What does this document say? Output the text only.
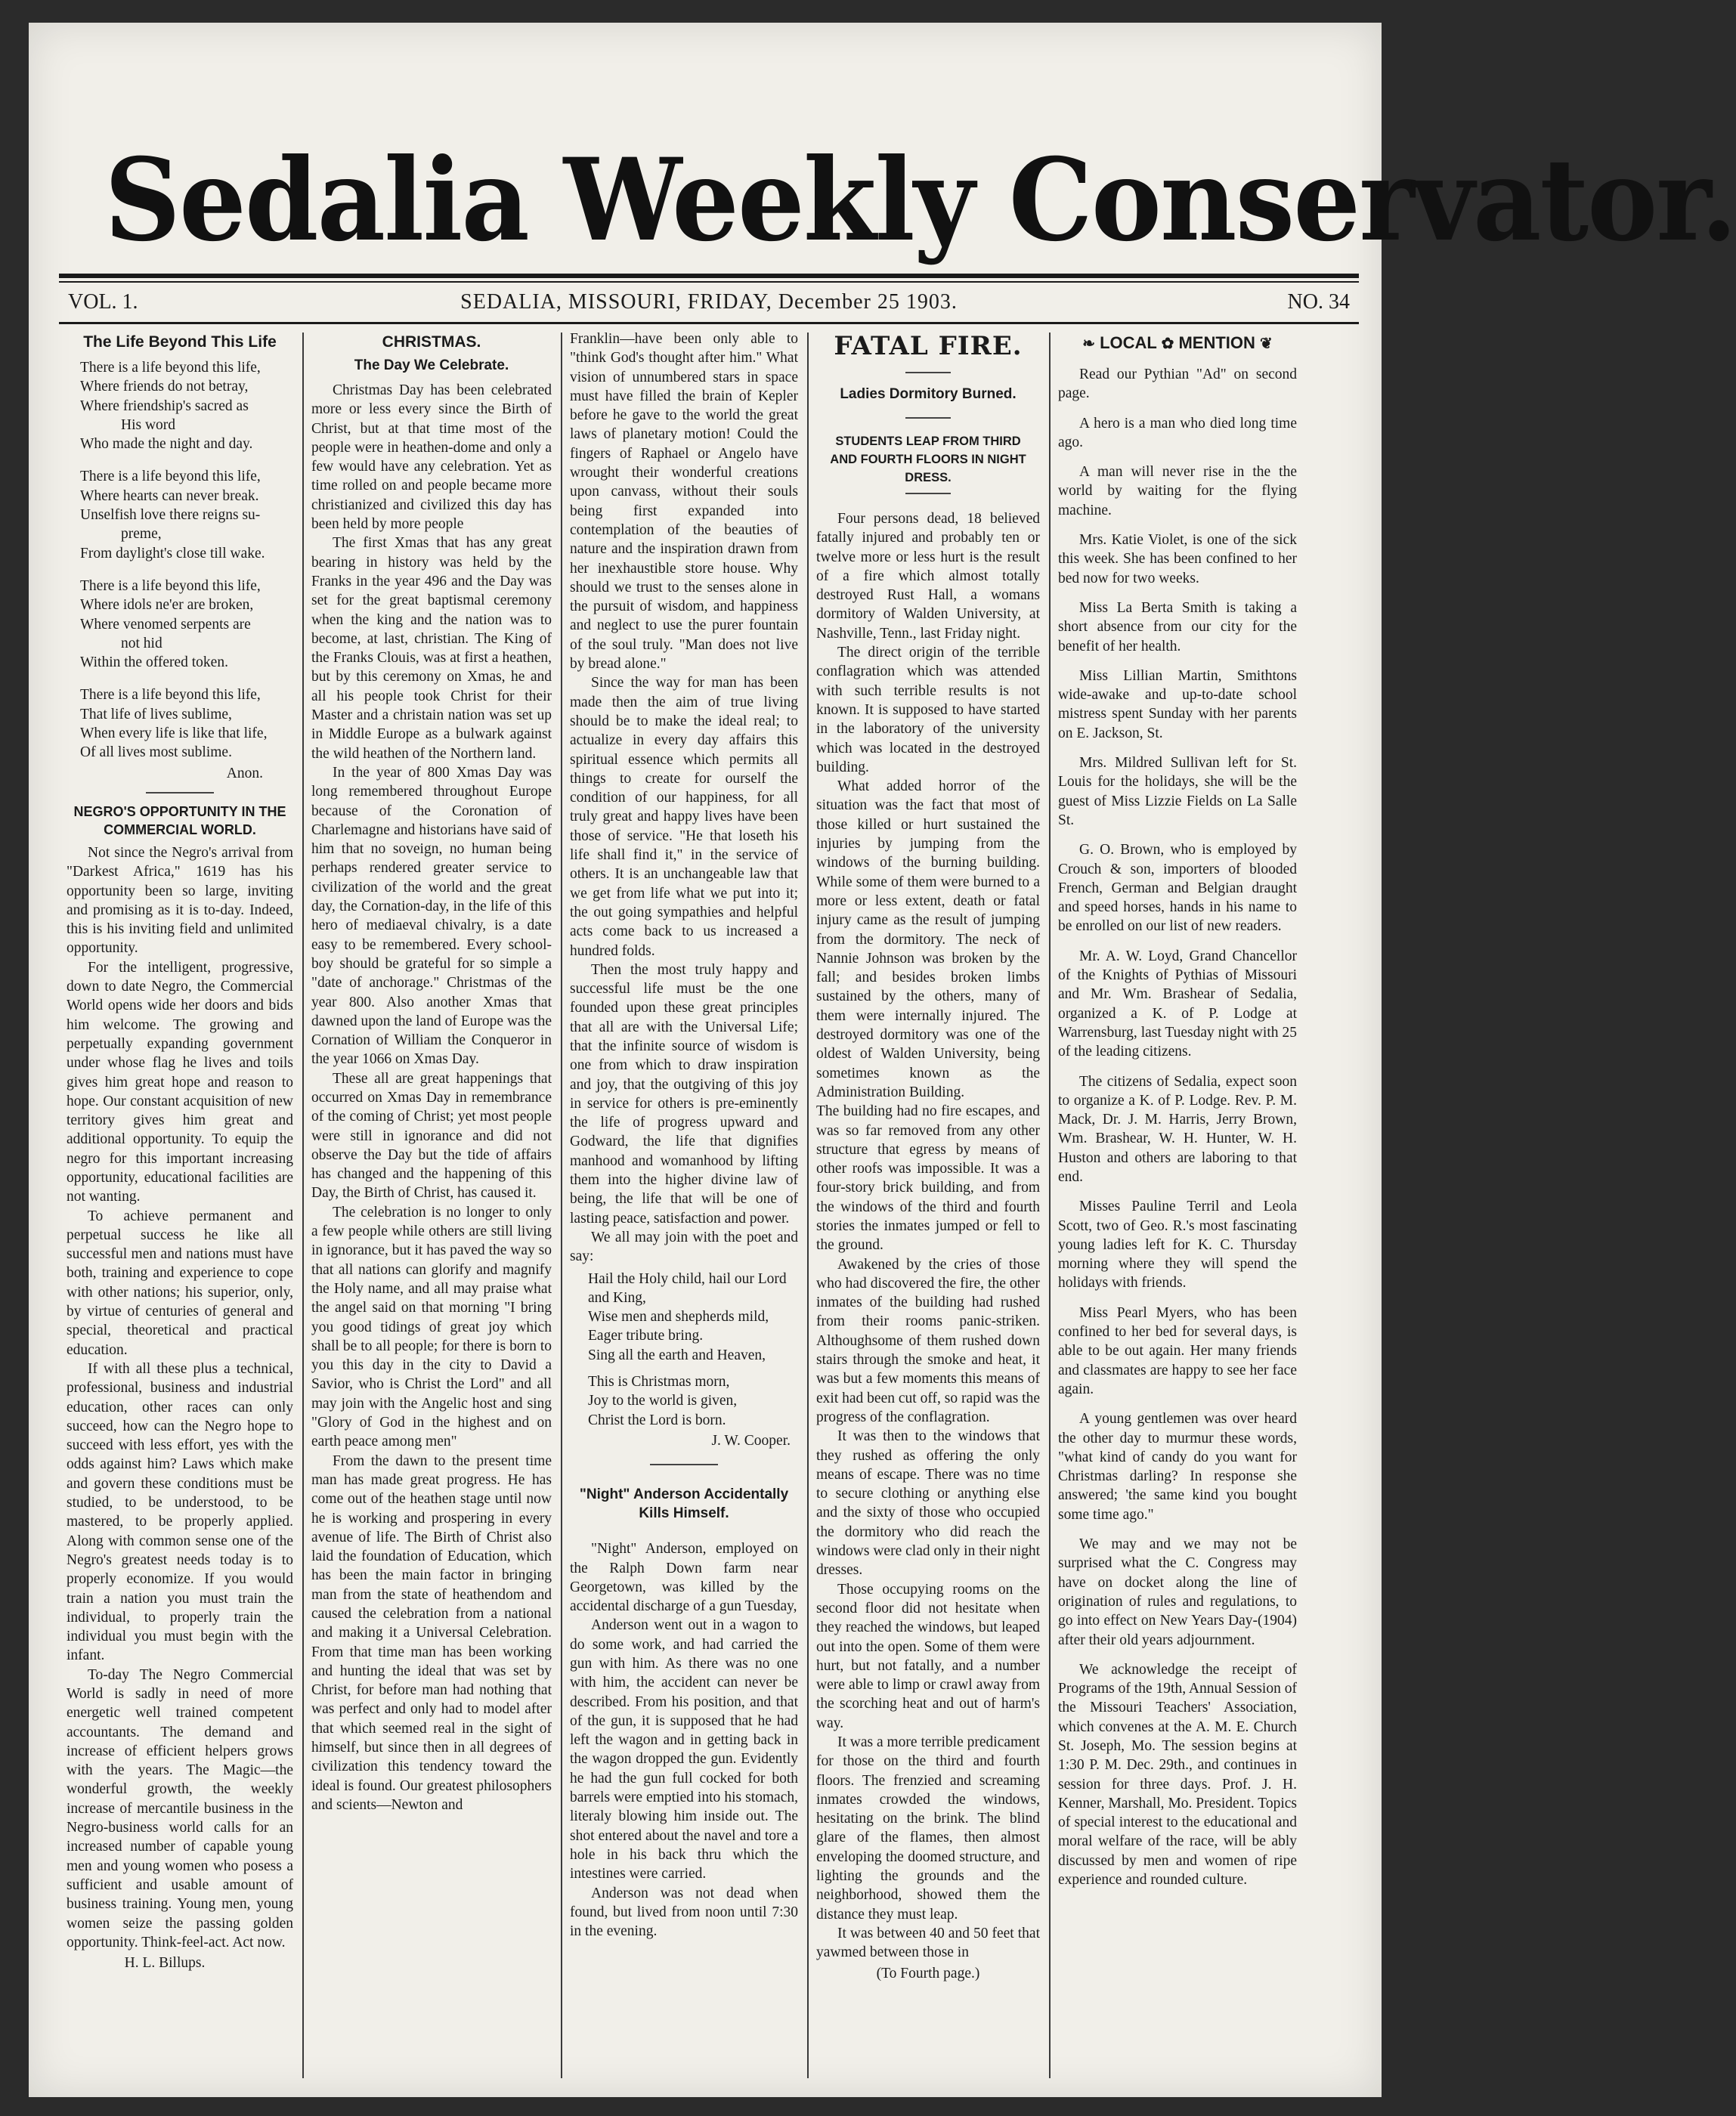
Sedalia Weekly Conservator.
VOL. 1.	SEDALIA, MISSOURI, FRIDAY, December 25 1903.	NO. 34
The Life Beyond This Life
There is a life beyond this life,
Where friends do not betray,
Where friendship's sacred as
His word
Who made the night and day.
There is a life beyond this life,
Where hearts can never break.
Unselfish love there reigns su-
preme,
From daylight's close till wake.
There is a life beyond this life,
Where idols ne'er are broken,
Where venomed serpents are
not hid
Within the offered token.
There is a life beyond this life,
That life of lives sublime,
When every life is like that life,
Of all lives most sublime.
Anon.
NEGRO'S OPPORTUNITY IN THE COMMERCIAL WORLD.

Not since the Negro's arrival from "Darkest Africa," 1619 has his opportunity been so large, inviting and promising as it is to-day. Indeed, this is his inviting field and unlimited opportunity.

For the intelligent, progressive, down to date Negro, the Commercial World opens wide her doors and bids him welcome. The growing and perpetually expanding government under whose flag he lives and toils gives him great hope and reason to hope. Our constant acquisition of new territory gives him great and additional opportunity. To equip the negro for this important increasing opportunity, educational facilities are not wanting.

To achieve permanent and perpetual success he like all successful men and nations must have both, training and experience to cope with other nations; his superior, only, by virtue of centuries of general and special, theoretical and practical education.

If with all these plus a technical, professional, business and industrial education, other races can only succeed, how can the Negro hope to succeed with less effort, yes with the odds against him? Laws which make and govern these conditions must be studied, to be understood, to be mastered, to be properly applied. Along with common sense one of the Negro's greatest needs today is to properly economize. If you would train a nation you must train the individual, to properly train the individual you must begin with the infant.

To-day The Negro Commercial World is sadly in need of more energetic well trained competent accountants. The demand and increase of efficient helpers grows with the years. The Magic—the wonderful growth, the weekly increase of mercantile business in the Negro-business world calls for an increased number of capable young men and young women who posess a sufficient and usable amount of business training. Young men, young women seize the passing golden opportunity. Think-feel-act. Act now.

H. L. Billups.
CHRISTMAS.
The Day We Celebrate.

Christmas Day has been celebrated more or less every since the Birth of Christ, but at that time most of the people were in heathen-dome and only a few would have any celebration. Yet as time rolled on and people became more christianized and civilized this day has been held by more people

The first Xmas that has any great bearing in history was held by the Franks in the year 496 and the Day was set for the great baptismal ceremony when the king and the nation was to become, at last, christian. The King of the Franks Clouis, was at first a heathen, but by this ceremony on Xmas, he and all his people took Christ for their Master and a christain nation was set up in Middle Europe as a bulwark against the wild heathen of the Northern land.

In the year of 800 Xmas Day was long remembered throughout Europe because of the Coronation of Charlemagne and historians have said of him that no soveign, no human being perhaps rendered greater service to civilization of the world and the great day, the Cornation-day, in the life of this hero of mediaeval chivalry, is a date easy to be remembered. Every school-boy should be grateful for so simple a "date of anchorage." Christmas of the year 800. Also another Xmas that dawned upon the land of Europe was the Cornation of William the Conqueror in the year 1066 on Xmas Day.

These all are great happenings that occurred on Xmas Day in remembrance of the coming of Christ; yet most people were still in ignorance and did not observe the Day but the tide of affairs has changed and the happening of this Day, the Birth of Christ, has caused it.

The celebration is no longer to only a few people while others are still living in ignorance, but it has paved the way so that all nations can glorify and magnify the Holy name, and all may praise what the angel said on that morning "I bring you good tidings of great joy which shall be to all people; for there is born to you this day in the city to David a Savior, who is Christ the Lord" and all may join with the Angelic host and sing "Glory of God in the highest and on earth peace among men"

From the dawn to the present time man has made great progress. He has come out of the heathen stage until now he is working and prospering in every avenue of life. The Birth of Christ also laid the foundation of Education, which has been the main factor in bringing man from the state of heathendom and caused the celebration from a national and making it a Universal Celebration. From that time man has been working and hunting the ideal that was set by Christ, for before man had nothing that was perfect and only had to model after that which seemed real in the sight of himself, but since then in all degrees of civilization this tendency toward the ideal is found. Our greatest philosophers and scients—Newton and

Franklin—have been only able to "think God's thought after him." What vision of unnumbered stars in space must have filled the brain of Kepler before he gave to the world the great laws of planetary motion! Could the fingers of Raphael or Angelo have wrought their wonderful creations upon canvass, without their souls being first expanded into contemplation of the beauties of nature and the inspiration drawn from her inexhaustible store house. Why should we trust to the senses alone in the pursuit of wisdom, and happiness and neglect to use the purer fountain of the soul truly. "Man does not live by bread alone."

Since the way for man has been made then the aim of true living should be to make the ideal real; to actualize in every day affairs this spiritual essence which permits all things to create for ourself the condition of our happiness, for all truly great and happy lives have been those of service. "He that loseth his life shall find it," in the service of others. It is an unchangeable law that we get from life what we put into it; the out going sympathies and helpful acts come back to us increased a hundred folds.

Then the most truly happy and successful life must be the one founded upon these great principles that all are with the Universal Life; that the infinite source of wisdom is one from which to draw inspiration and joy, that the outgiving of this joy in service for others is pre-eminently the life of progress upward and Godward, the life that dignifies manhood and womanhood by lifting them into the higher divine law of being, the life that will be one of lasting peace, satisfaction and power.

We all may join with the poet and say:

Hail the Holy child, hail our Lord and King,
Wise men and shepherds mild,
Eager tribute bring.
Sing all the earth and Heaven,
This is Christmas morn,
Joy to the world is given,
Christ the Lord is born.
J. W. Cooper.
"Night" Anderson Accidentally Kills Himself.

"Night" Anderson, employed on the Ralph Down farm near Georgetown, was killed by the accidental discharge of a gun Tuesday,

Anderson went out in a wagon to do some work, and had carried the gun with him. As there was no one with him, the accident can never be described. From his position, and that of the gun, it is supposed that he had left the wagon and in getting back in the wagon dropped the gun. Evidently he had the gun full cocked for both barrels were emptied into his stomach, literaly blowing him inside out. The shot entered about the navel and tore a hole in his back thru which the intestines were carried.

Anderson was not dead when found, but lived from noon until 7:30 in the evening.

FATAL FIRE.
Ladies Dormitory Burned.
STUDENTS LEAP FROM THIRD AND FOURTH FLOORS IN NIGHT DRESS.

Four persons dead, 18 believed fatally injured and probably ten or twelve more or less hurt is the result of a fire which almost totally destroyed Rust Hall, a womans dormitory of Walden University, at Nashville, Tenn., last Friday night.

The direct origin of the terrible conflagration which was attended with such terrible results is not known. It is supposed to have started in the laboratory of the university which was located in the destroyed building.

What added horror of the situation was the fact that most of those killed or hurt sustained the injuries by jumping from the windows of the burning building. While some of them were burned to a more or less extent, death or fatal injury came as the result of jumping from the dormitory. The neck of Nannie Johnson was broken by the fall; and besides broken limbs sustained by the others, many of them were internally injured. The destroyed dormitory was one of the oldest of Walden University, being sometimes known as the Administration Building.

The building had no fire escapes, and was so far removed from any other structure that egress by means of other roofs was impossible. It was a four-story brick building, and from the windows of the third and fourth stories the inmates jumped or fell to the ground.

Awakened by the cries of those who had discovered the fire, the other inmates of the building had rushed from their rooms panic-striken. Althoughsome of them rushed down stairs through the smoke and heat, it was but a few moments this means of exit had been cut off, so rapid was the progress of the conflagration.

It was then to the windows that they rushed as offering the only means of escape. There was no time to secure clothing or anything else and the sixty of those who occupied the dormitory who did reach the windows were clad only in their night dresses.

Those occupying rooms on the second floor did not hesitate when they reached the windows, but leaped out into the open. Some of them were hurt, but not fatally, and a number were able to limp or crawl away from the scorching heat and out of harm's way.

It was a more terrible predicament for those on the third and fourth floors. The frenzied and screaming inmates crowded the windows, hesitating on the brink. The blind glare of the flames, then almost enveloping the doomed structure, and lighting the grounds and the neighborhood, showed them the distance they must leap.

It was between 40 and 50 feet that yawmed between those in

(To Fourth page.)
❧ LOCAL ✿ MENTION ❦

Read our Pythian "Ad" on second page.

A hero is a man who died long time ago.

A man will never rise in the the world by waiting for the flying machine.

Mrs. Katie Violet, is one of the sick this week. She has been confined to her bed now for two weeks.

Miss La Berta Smith is taking a short absence from our city for the benefit of her health.

Miss Lillian Martin, Smithtons wide-awake and up-to-date school mistress spent Sunday with her parents on E. Jackson, St.

Mrs. Mildred Sullivan left for St. Louis for the holidays, she will be the guest of Miss Lizzie Fields on La Salle St.

G. O. Brown, who is employed by Crouch & son, importers of blooded French, German and Belgian draught and speed horses, hands in his name to be enrolled on our list of new readers.

Mr. A. W. Loyd, Grand Chancellor of the Knights of Pythias of Missouri and Mr. Wm. Brashear of Sedalia, organized a K. of P. Lodge at Warrensburg, last Tuesday night with 25 of the leading citizens.

The citizens of Sedalia, expect soon to organize a K. of P. Lodge. Rev. P. M. Mack, Dr. J. M. Harris, Jerry Brown, Wm. Brashear, W. H. Hunter, W. H. Huston and others are laboring to that end.

Misses Pauline Terril and Leola Scott, two of Geo. R.'s most fascinating young ladies left for K. C. Thursday morning where they will spend the holidays with friends.

Miss Pearl Myers, who has been confined to her bed for several days, is able to be out again. Her many friends and classmates are happy to see her face again.

A young gentlemen was over heard the other day to murmur these words, "what kind of candy do you want for Christmas darling? In response she answered; 'the same kind you bought some time ago."

We may and we may not be surprised what the C. Congress may have on docket along the line of origination of rules and regulations, to go into effect on New Years Day-(1904) after their old years adjournment.

We acknowledge the receipt of Programs of the 19th, Annual Session of the Missouri Teachers' Association, which convenes at the A. M. E. Church St. Joseph, Mo. The session begins at 1:30 P. M. Dec. 29th., and continues in session for three days. Prof. J. H. Kenner, Marshall, Mo. President. Topics of special interest to the educational and moral welfare of the race, will be ably discussed by men and women of ripe experience and rounded culture.
